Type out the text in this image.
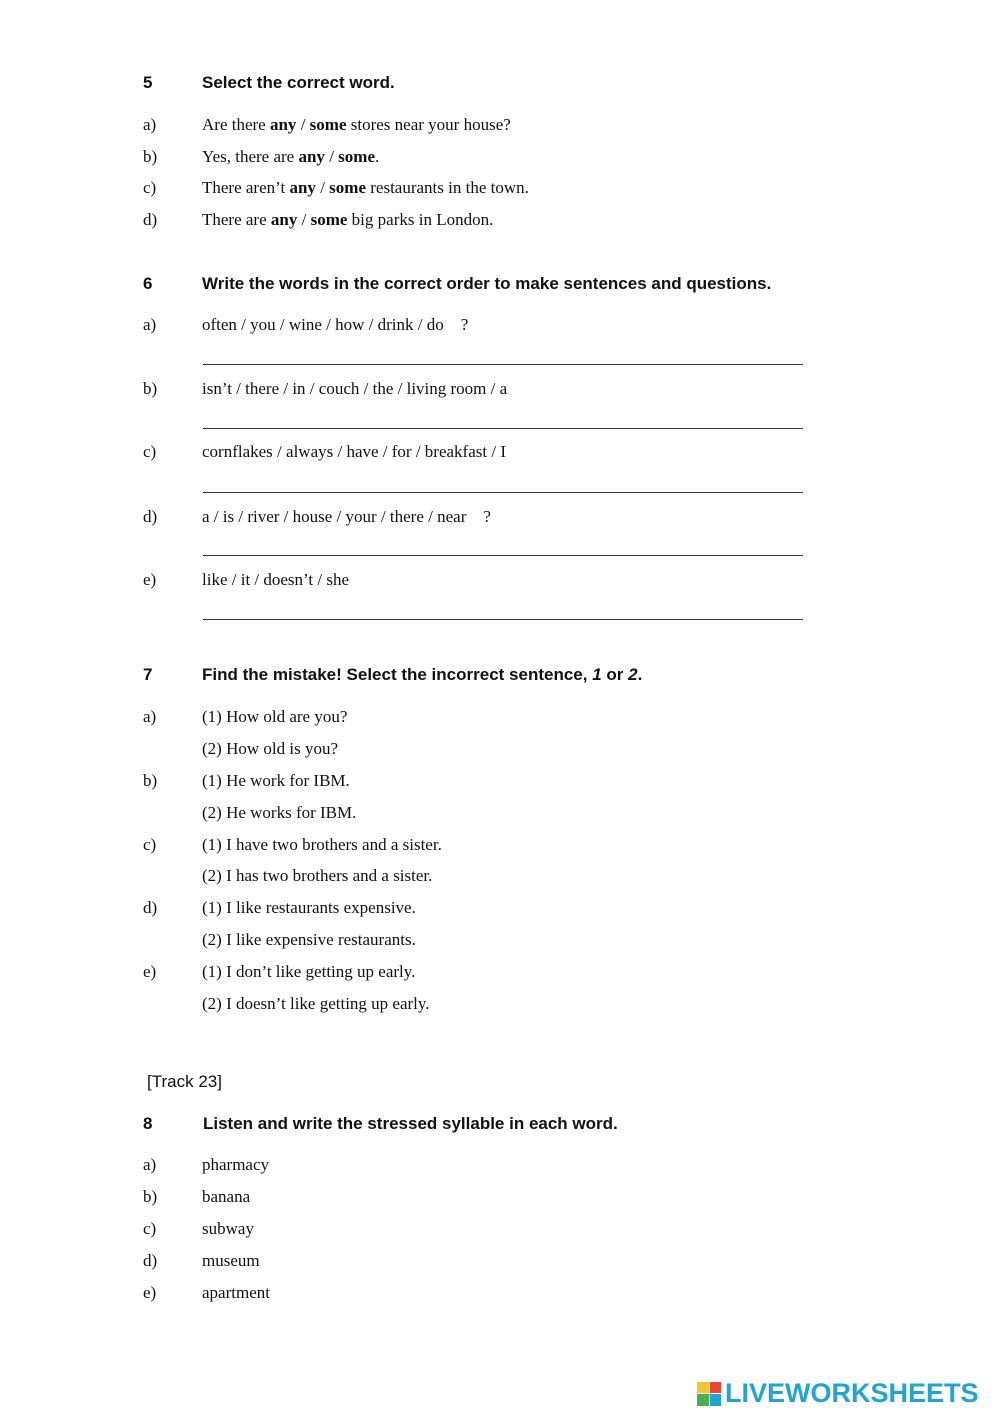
5	Select the correct word.
a)	Are there any / some stores near your house?
b)	Yes, there are any / some.
c)	There aren’t any / some restaurants in the town.
d)	There are any / some big parks in London.
6	Write the words in the correct order to make sentences and questions.
a)	often / you / wine / how / drink / do    ?
b)	isn’t / there / in / couch / the / living room / a
c)	cornflakes / always / have / for / breakfast / I
d)	a / is / river / house / your / there / near    ?
e)	like / it / doesn’t / she
7	Find the mistake! Select the incorrect sentence, 1 or 2.
a)	(1) How old are you?
(2) How old is you?
b)	(1) He work for IBM.
(2) He works for IBM.
c)	(1) I have two brothers and a sister.
(2) I has two brothers and a sister.
d)	(1) I like restaurants expensive.
(2) I like expensive restaurants.
e)	(1) I don’t like getting up early.
(2) I doesn’t like getting up early.
[Track 23]
8	Listen and write the stressed syllable in each word.
a)	pharmacy
b)	banana
c)	subway
d)	museum
e)	apartment
LIVEWORKSHEETS
